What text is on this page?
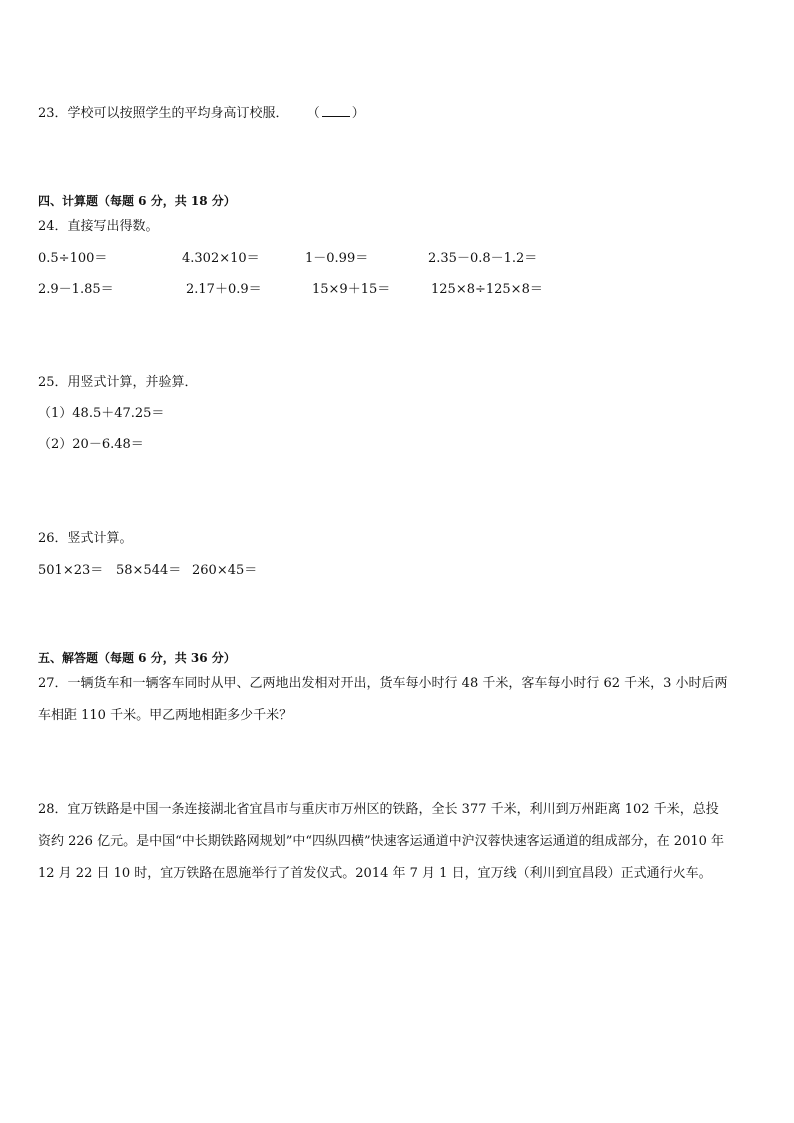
23．学校可以按照学生的平均身高订校服． （ ）
四、计算题（每题 6 分，共 18 分）
24．直接写出得数。
0.5÷100＝	4.302×10＝	1－0.99＝	2.35－0.8－1.2＝
2.9－1.85＝	2.17＋0.9＝	15×9＋15＝	125×8÷125×8＝
25．用竖式计算，并验算．
（1）48.5＋47.25＝
（2）20－6.48＝
26．竖式计算。
501×23＝ 58×544＝ 260×45＝
五、解答题（每题 6 分，共 36 分）
27．一辆货车和一辆客车同时从甲、乙两地出发相对开出，货车每小时行 48 千米，客车每小时行 62 千米，3 小时后两
车相距 110 千米。甲乙两地相距多少千米？
28．宜万铁路是中国一条连接湖北省宜昌市与重庆市万州区的铁路，全长 377 千米，利川到万州距离 102 千米，总投
资约 226 亿元。是中国“中长期铁路网规划”中“四纵四横”快速客运通道中沪汉蓉快速客运通道的组成部分，在 2010 年
12 月 22 日 10 时，宜万铁路在恩施举行了首发仪式。2014 年 7 月 1 日，宜万线（利川到宜昌段）正式通行火车。
